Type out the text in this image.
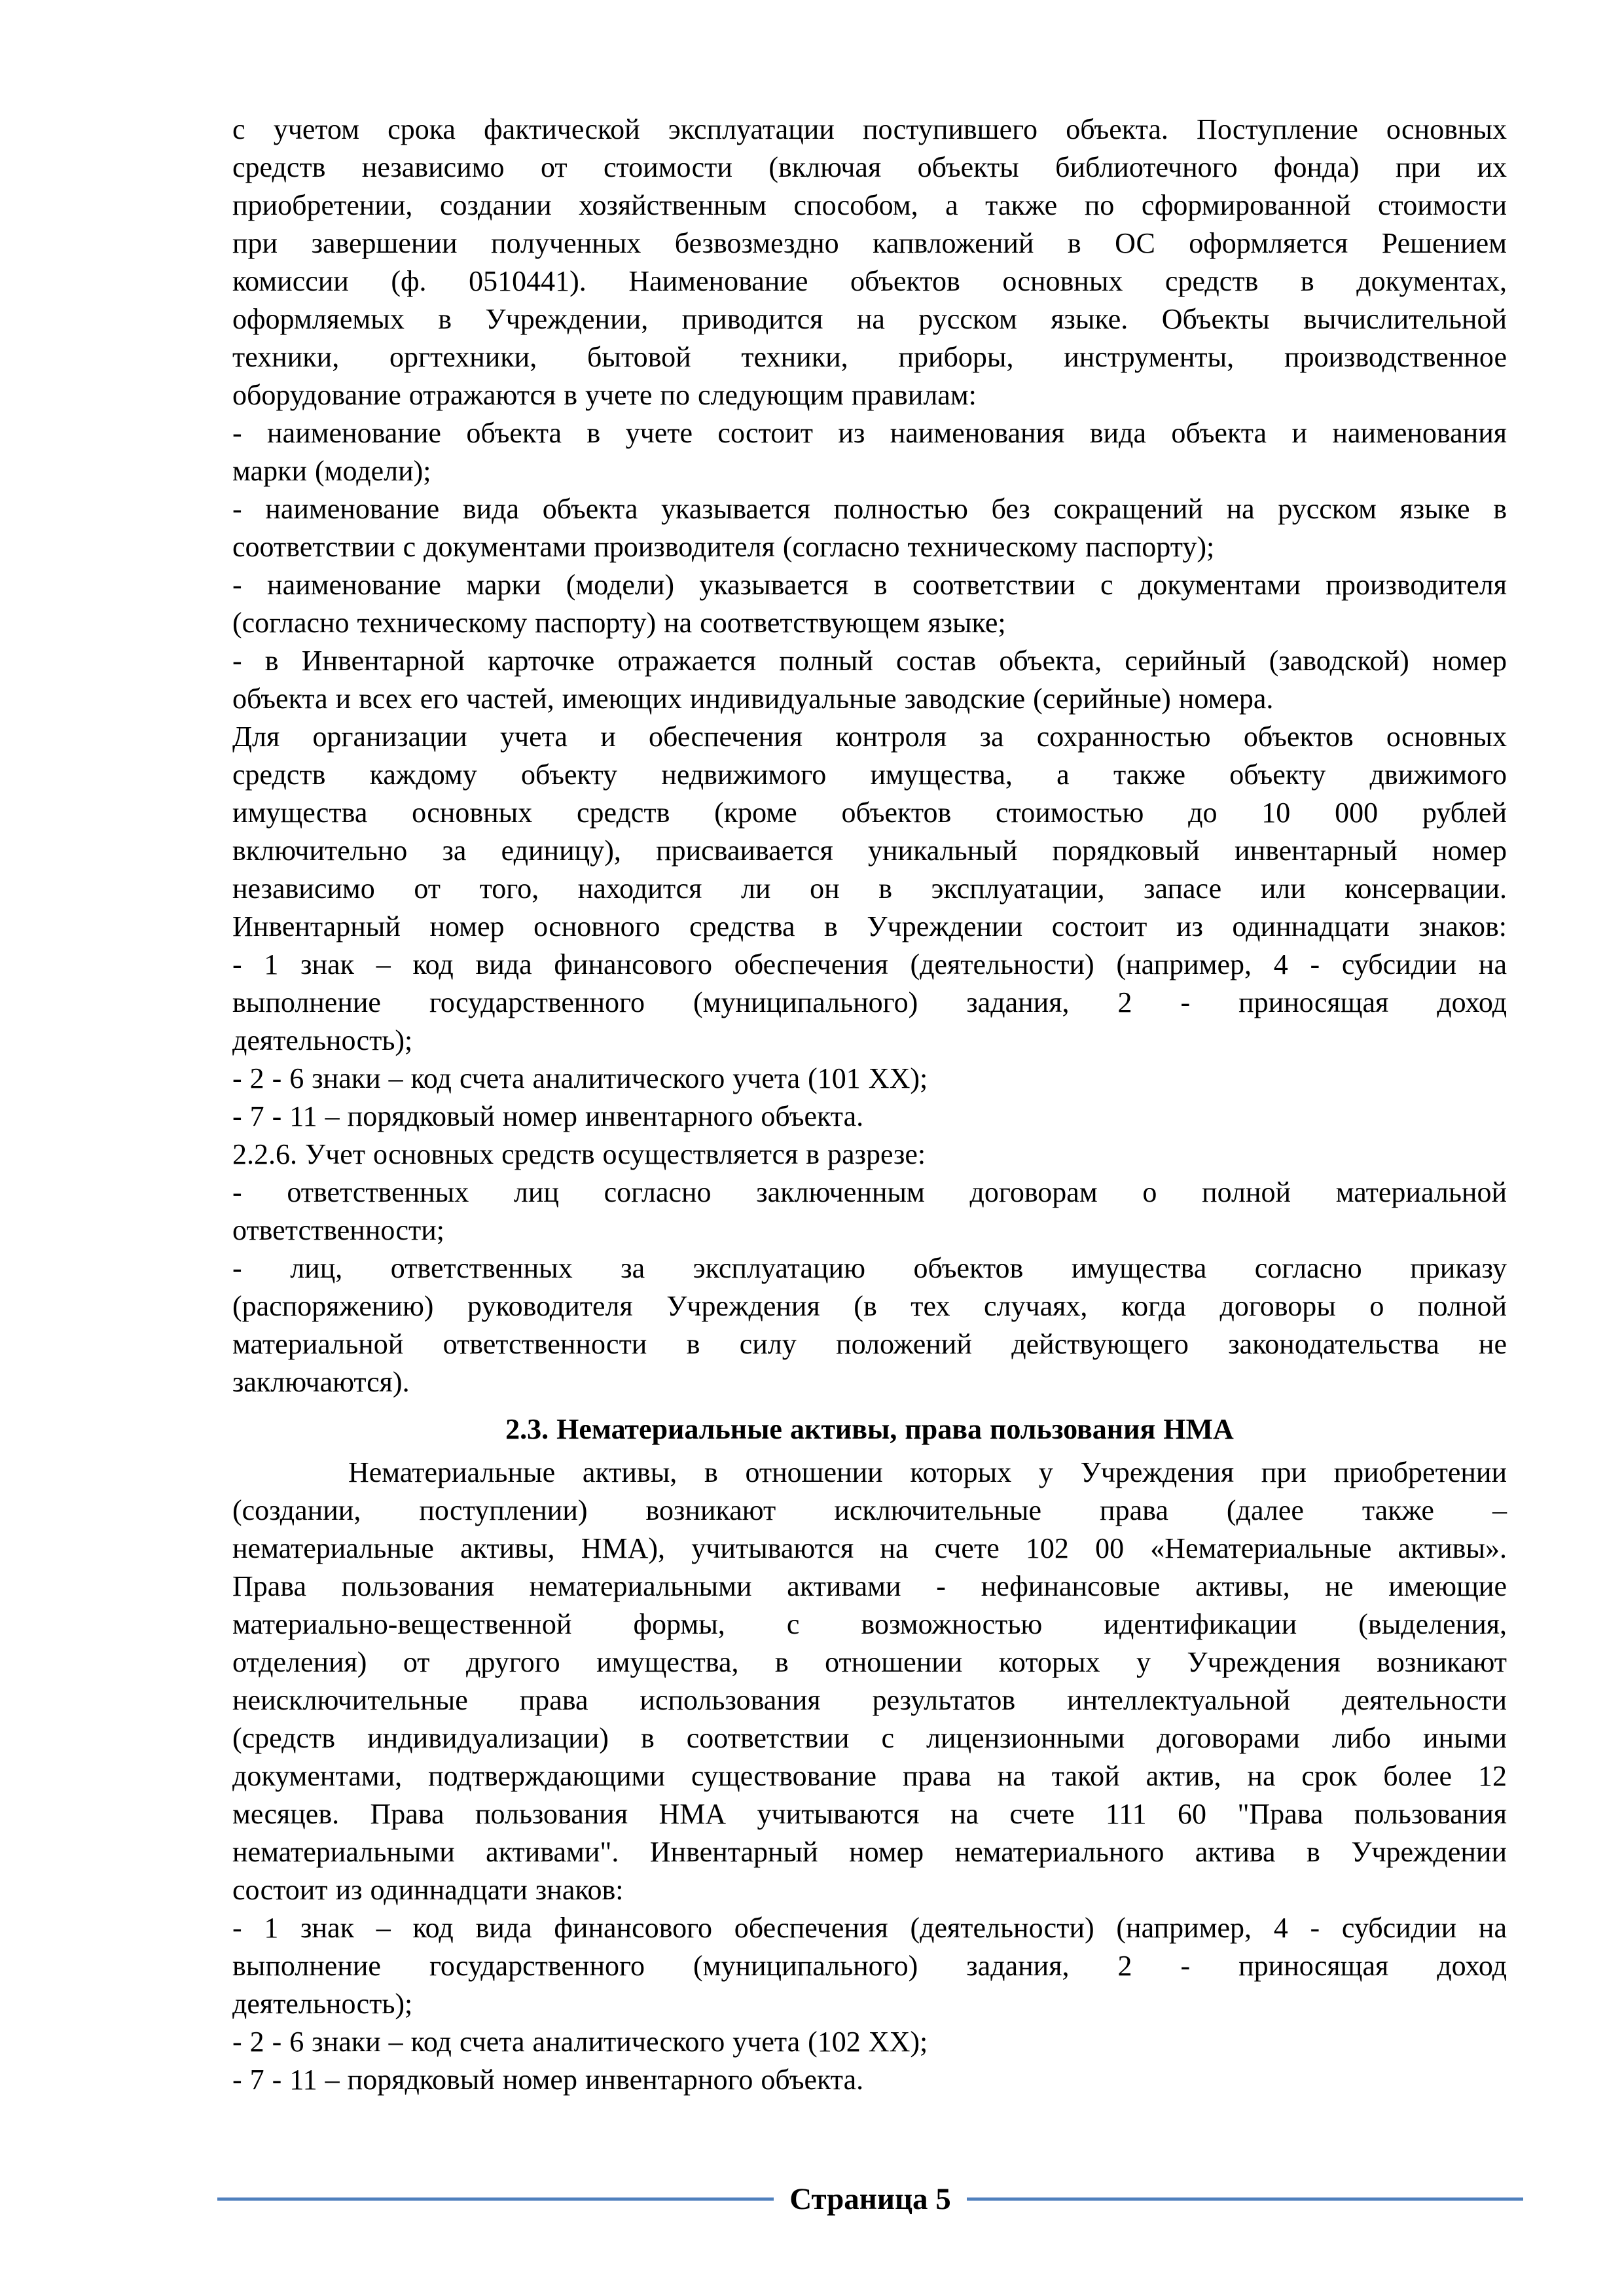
с учетом срока фактической эксплуатации поступившего объекта. Поступление основных
средств независимо от стоимости (включая объекты библиотечного фонда) при их
приобретении, создании хозяйственным способом, а также по сформированной стоимости
при завершении полученных безвозмездно капвложений в ОС оформляется Решением
комиссии (ф. 0510441). Наименование объектов основных средств в документах,
оформляемых в Учреждении, приводится на русском языке. Объекты вычислительной
техники, оргтехники, бытовой техники, приборы, инструменты, производственное
оборудование отражаются в учете по следующим правилам:
- наименование объекта в учете состоит из наименования вида объекта и наименования
марки (модели);
- наименование вида объекта указывается полностью без сокращений на русском языке в
соответствии с документами производителя (согласно техническому паспорту);
- наименование марки (модели) указывается в соответствии с документами производителя
(согласно техническому паспорту) на соответствующем языке;
- в Инвентарной карточке отражается полный состав объекта, серийный (заводской) номер
объекта и всех его частей, имеющих индивидуальные заводские (серийные) номера.
Для организации учета и обеспечения контроля за сохранностью объектов основных
средств каждому объекту недвижимого имущества, а также объекту движимого
имущества основных средств (кроме объектов стоимостью до 10 000 рублей
включительно за единицу), присваивается уникальный порядковый инвентарный номер
независимо от того, находится ли он в эксплуатации, запасе или консервации.
Инвентарный номер основного средства в Учреждении состоит из одиннадцати знаков:
- 1 знак – код вида финансового обеспечения (деятельности) (например, 4 - субсидии на
выполнение государственного (муниципального) задания, 2 - приносящая доход
деятельность);
- 2 - 6 знаки – код счета аналитического учета (101 ХХ);
- 7 - 11 – порядковый номер инвентарного объекта.
2.2.6. Учет основных средств осуществляется в разрезе:
- ответственных лиц согласно заключенным договорам о полной материальной
ответственности;
- лиц, ответственных за эксплуатацию объектов имущества согласно приказу
(распоряжению) руководителя Учреждения (в тех случаях, когда договоры о полной
материальной ответственности в силу положений действующего законодательства не
заключаются).
2.3. Нематериальные активы, права пользования НМА
Нематериальные активы, в отношении которых у Учреждения при приобретении
(создании, поступлении) возникают исключительные права (далее также –
нематериальные активы, НМА), учитываются на счете 102 00 «Нематериальные активы».
Права пользования нематериальными активами - нефинансовые активы, не имеющие
материально-вещественной формы, с возможностью идентификации (выделения,
отделения) от другого имущества, в отношении которых у Учреждения возникают
неисключительные права использования результатов интеллектуальной деятельности
(средств индивидуализации) в соответствии с лицензионными договорами либо иными
документами, подтверждающими существование права на такой актив, на срок более 12
месяцев. Права пользования НМА учитываются на счете 111 60 "Права пользования
нематериальными активами". Инвентарный номер нематериального актива в Учреждении
состоит из одиннадцати знаков:
- 1 знак – код вида финансового обеспечения (деятельности) (например, 4 - субсидии на
выполнение государственного (муниципального) задания, 2 - приносящая доход
деятельность);
- 2 - 6 знаки – код счета аналитического учета (102 ХХ);
- 7 - 11 – порядковый номер инвентарного объекта.
Страница 5
